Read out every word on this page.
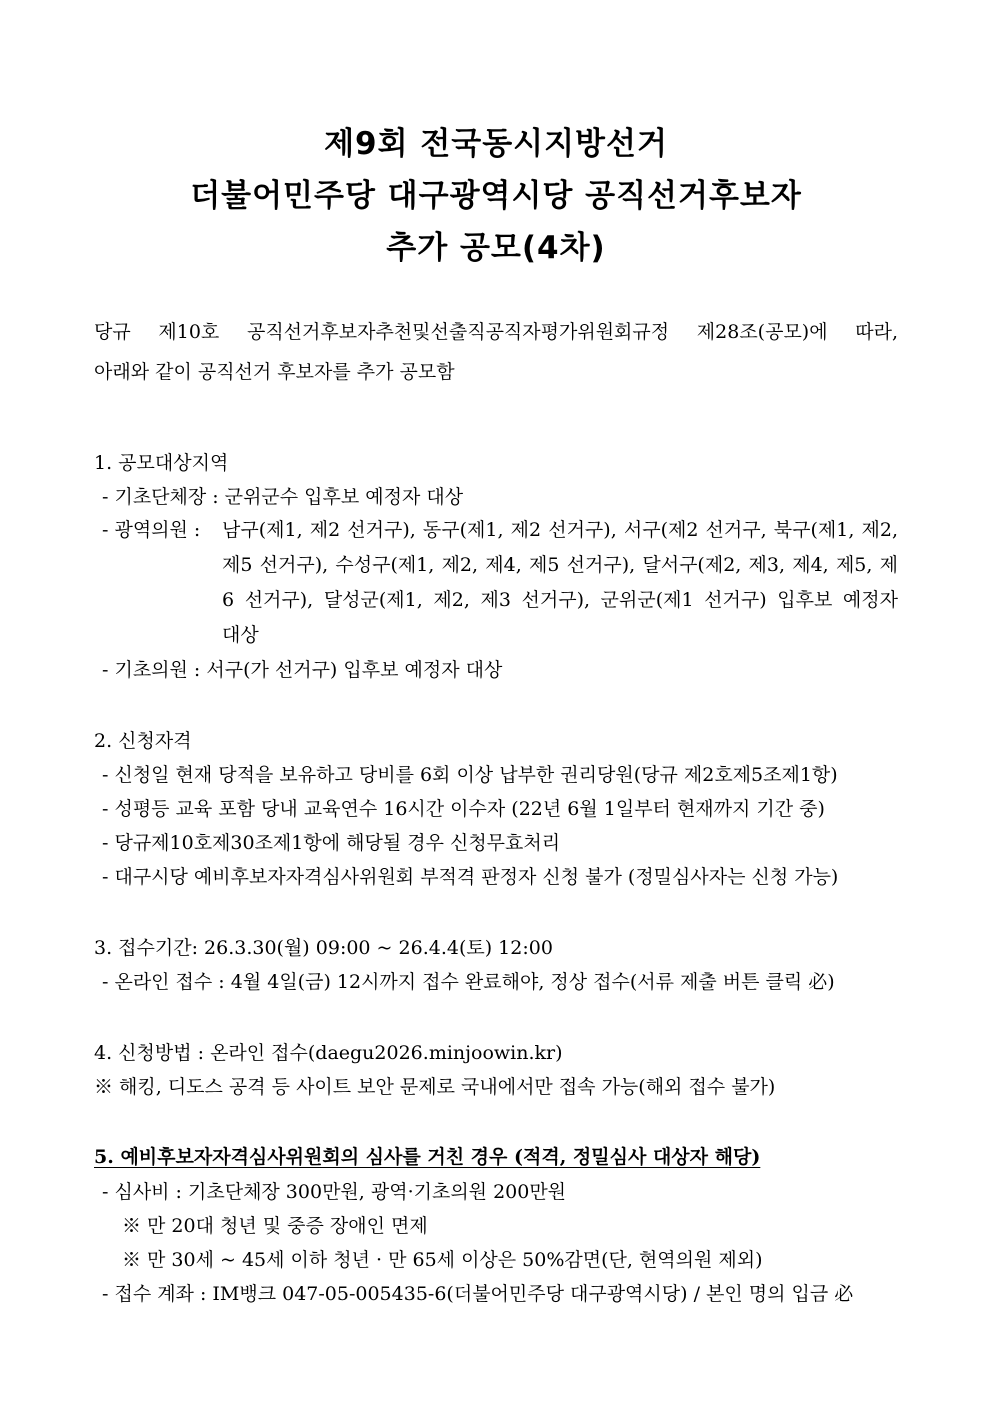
제9회 전국동시지방선거
더불어민주당 대구광역시당 공직선거후보자
추가 공모(4차)
당규 제10호 공직선거후보자추천및선출직공직자평가위원회규정 제28조(공모)에 따라,
아래와 같이 공직선거 후보자를 추가 공모함
1. 공모대상지역
- 기초단체장 : 군위군수 입후보 예정자 대상
- 광역의원 : 남구(제1, 제2 선거구), 동구(제1, 제2 선거구), 서구(제2 선거구, 북구(제1, 제2,
제5 선거구), 수성구(제1, 제2, 제4, 제5 선거구), 달서구(제2, 제3, 제4, 제5, 제
6 선거구), 달성군(제1, 제2, 제3 선거구), 군위군(제1 선거구) 입후보 예정자
대상
- 기초의원 : 서구(가 선거구) 입후보 예정자 대상
2. 신청자격
- 신청일 현재 당적을 보유하고 당비를 6회 이상 납부한 권리당원(당규 제2호제5조제1항)
- 성평등 교육 포함 당내 교육연수 16시간 이수자 (22년 6월 1일부터 현재까지 기간 중)
- 당규제10호제30조제1항에 해당될 경우 신청무효처리
- 대구시당 예비후보자자격심사위원회 부적격 판정자 신청 불가 (정밀심사자는 신청 가능)
3. 접수기간: 26.3.30(월) 09:00 ~ 26.4.4(토) 12:00
- 온라인 접수 : 4월 4일(금) 12시까지 접수 완료해야, 정상 접수(서류 제출 버튼 클릭 必)
4. 신청방법 : 온라인 접수(daegu2026.minjoowin.kr)
※ 해킹, 디도스 공격 등 사이트 보안 문제로 국내에서만 접속 가능(해외 접수 불가)
5. 예비후보자자격심사위원회의 심사를 거친 경우 (적격, 정밀심사 대상자 해당)
- 심사비 : 기초단체장 300만원, 광역·기초의원 200만원
※ 만 20대 청년 및 중증 장애인 면제
※ 만 30세 ~ 45세 이하 청년 · 만 65세 이상은 50%감면(단, 현역의원 제외)
- 접수 계좌 : IM뱅크 047-05-005435-6(더불어민주당 대구광역시당) / 본인 명의 입금 必
